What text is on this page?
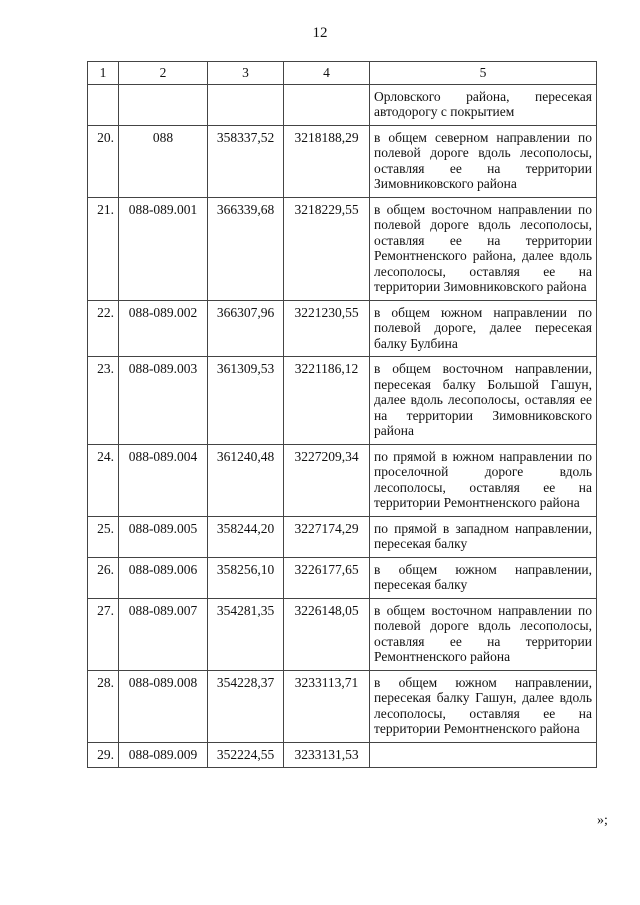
12
1	2	3	4	5
				Орловского района, пересекая автодорогу с покрытием
20.	088	358337,52	3218188,29	в общем северном направлении по полевой дороге вдоль лесополосы, оставляя ее на территории Зимовниковского района
21.	088-089.001	366339,68	3218229,55	в общем восточном направлении по полевой дороге вдоль лесополосы, оставляя ее на территории Ремонтненского района, далее вдоль лесополосы, оставляя ее на территории Зимовниковского района
22.	088-089.002	366307,96	3221230,55	в общем южном направлении по полевой дороге, далее пересекая балку Булбина
23.	088-089.003	361309,53	3221186,12	в общем восточном направлении, пересекая балку Большой Гашун, далее вдоль лесополосы, оставляя ее на территории Зимовниковского района
24.	088-089.004	361240,48	3227209,34	по прямой в южном направлении по проселочной дороге вдоль лесополосы, оставляя ее на территории Ремонтненского района
25.	088-089.005	358244,20	3227174,29	по прямой в западном направлении, пересекая балку
26.	088-089.006	358256,10	3226177,65	в общем южном направлении, пересекая балку
27.	088-089.007	354281,35	3226148,05	в общем восточном направлении по полевой дороге вдоль лесополосы, оставляя ее на территории Ремонтненского района
28.	088-089.008	354228,37	3233113,71	в общем южном направлении, пересекая балку Гашун, далее вдоль лесополосы, оставляя ее на территории Ремонтненского района
29.	088-089.009	352224,55	3233131,53	
»;
